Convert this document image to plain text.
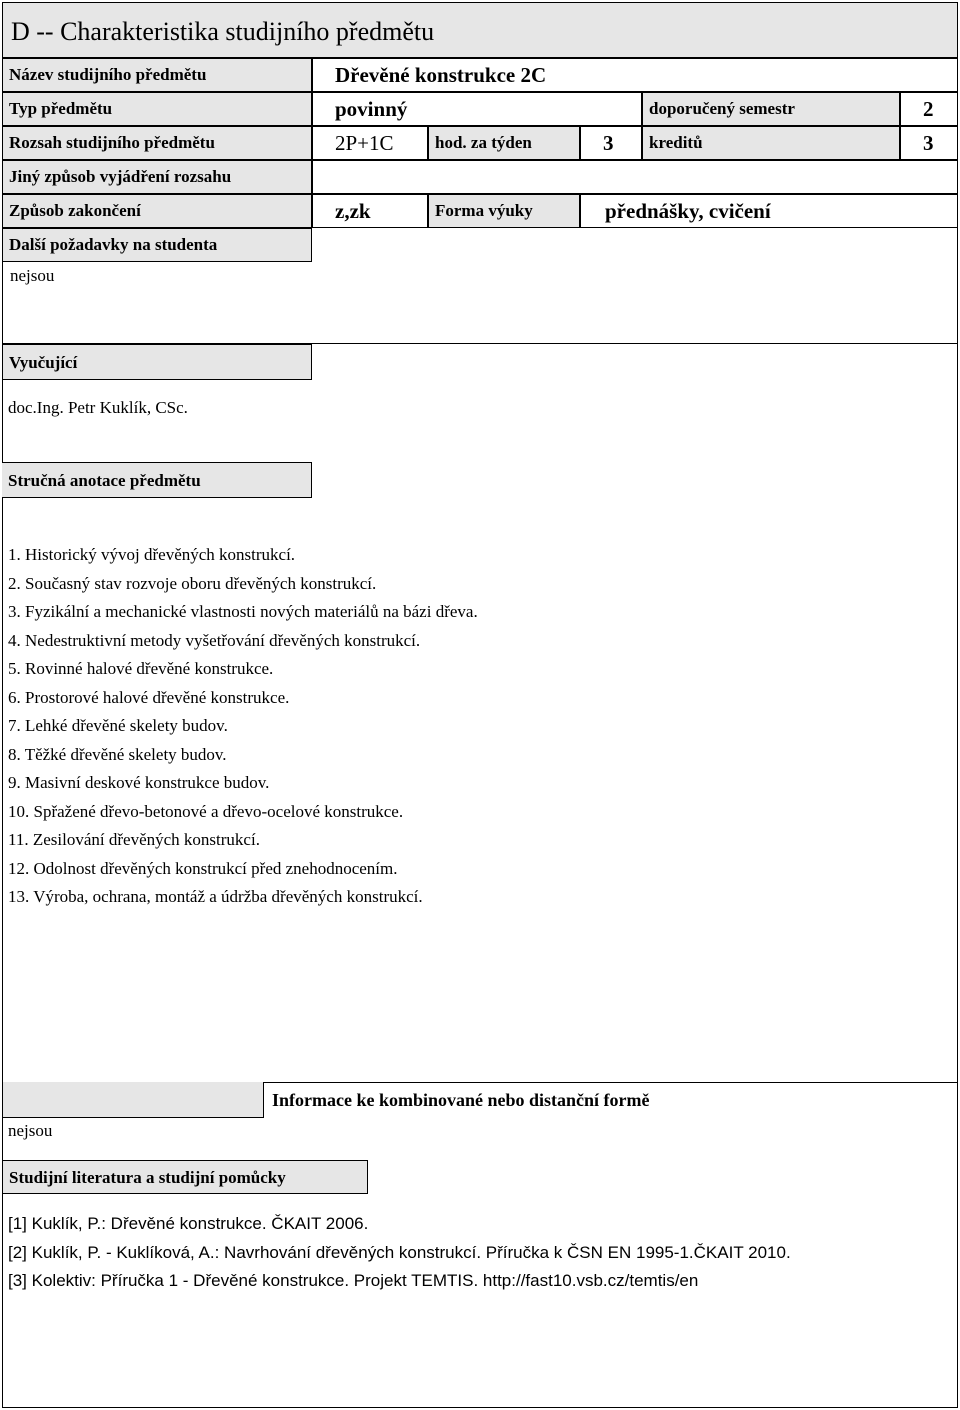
D -- Charakteristika studijního předmětu
Název studijního předmětu	Dřevěné konstrukce 2C
Typ předmětu	povinný	doporučený semestr	2
Rozsah studijního předmětu	2P+1C	hod. za týden	3	kreditů	3
Jiný způsob vyjádření rozsahu
Způsob zakončení	z,zk	Forma výuky	přednášky, cvičení
Další požadavky na studenta
nejsou
Vyučující
doc.Ing. Petr Kuklík, CSc.
Stručná anotace předmětu
1. Historický vývoj dřevěných konstrukcí.
2. Současný stav rozvoje oboru dřevěných konstrukcí.
3. Fyzikální a mechanické vlastnosti nových materiálů na bázi dřeva.
4. Nedestruktivní metody vyšetřování dřevěných konstrukcí.
5. Rovinné halové dřevěné konstrukce.
6. Prostorové halové dřevěné konstrukce.
7. Lehké dřevěné skelety budov.
8. Těžké dřevěné skelety budov.
9. Masivní deskové konstrukce budov.
10. Spřažené dřevo-betonové a dřevo-ocelové konstrukce.
11. Zesilování dřevěných konstrukcí.
12. Odolnost dřevěných konstrukcí před znehodnocením.
13. Výroba, ochrana, montáž a údržba dřevěných konstrukcí.
Informace ke kombinované nebo distanční formě
nejsou
Studijní literatura a studijní pomůcky
[1] Kuklík, P.: Dřevěné konstrukce. ČKAIT 2006.
[2] Kuklík, P. - Kuklíková, A.: Navrhování dřevěných konstrukcí. Příručka k ČSN EN 1995-1.ČKAIT 2010.
[3] Kolektiv: Příručka 1 - Dřevěné konstrukce. Projekt TEMTIS. http://fast10.vsb.cz/temtis/en
